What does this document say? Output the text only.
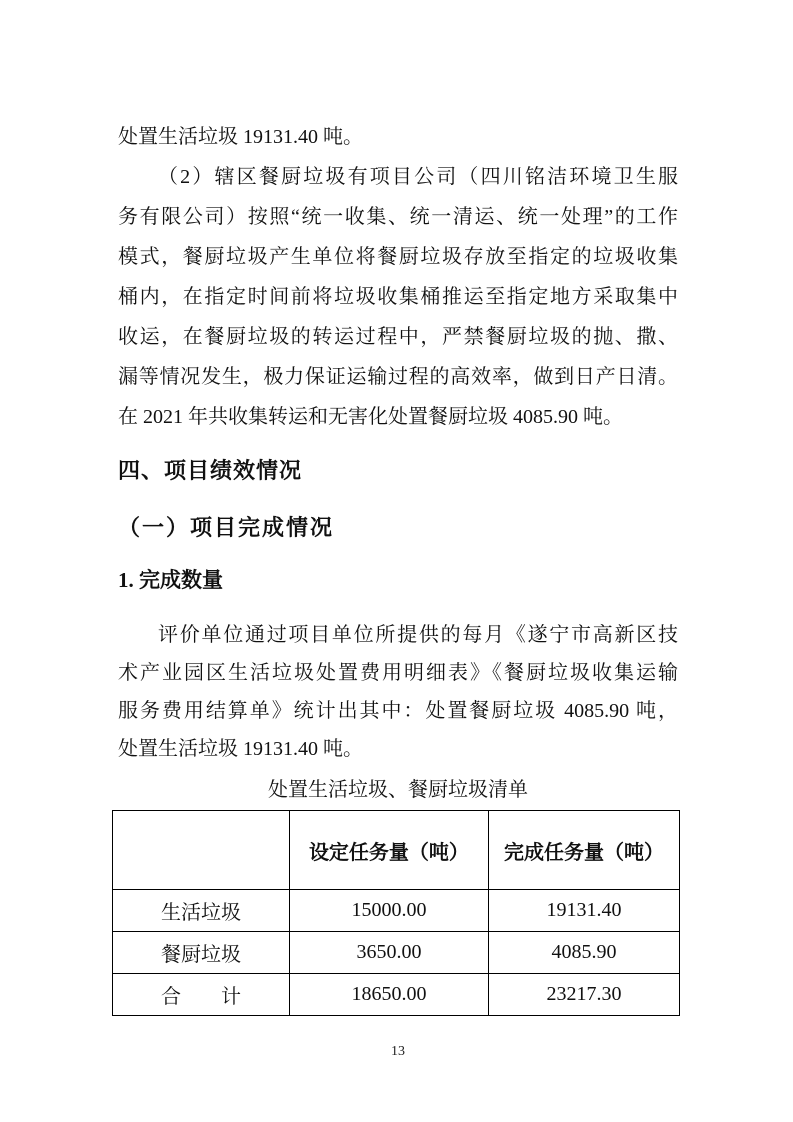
处置生活垃圾 19131.40 吨。
（2）辖区餐厨垃圾有项目公司（四川铭洁环境卫生服
务有限公司）按照“统一收集、统一清运、统一处理”的工作
模式，餐厨垃圾产生单位将餐厨垃圾存放至指定的垃圾收集
桶内，在指定时间前将垃圾收集桶推运至指定地方采取集中
收运，在餐厨垃圾的转运过程中，严禁餐厨垃圾的抛、撒、
漏等情况发生，极力保证运输过程的高效率，做到日产日清。
在 2021 年共收集转运和无害化处置餐厨垃圾 4085.90 吨。
四、项目绩效情况
（一）项目完成情况
1. 完成数量
评价单位通过项目单位所提供的每月《遂宁市高新区技
术产业园区生活垃圾处置费用明细表》《餐厨垃圾收集运输
服务费用结算单》统计出其中：处置餐厨垃圾 4085.90 吨，
处置生活垃圾 19131.40 吨。
处置生活垃圾、餐厨垃圾清单
	设定任务量（吨）	完成任务量（吨）
生活垃圾	15000.00	19131.40
餐厨垃圾	3650.00	4085.90
合　　计	18650.00	23217.30
13
